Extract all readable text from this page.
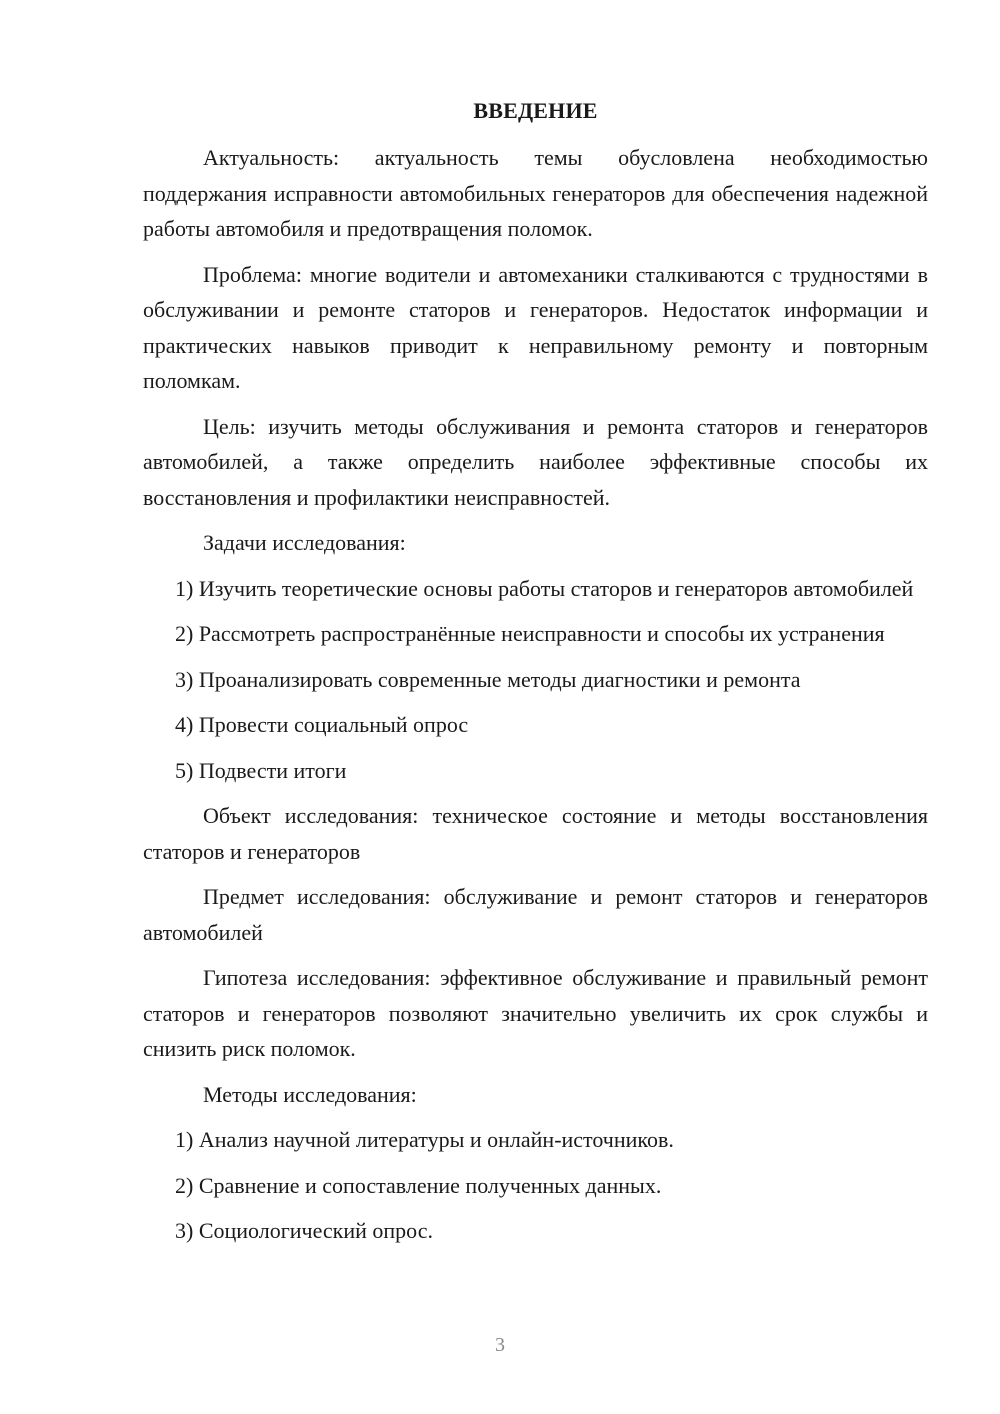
ВВЕДЕНИЕ

Актуальность: актуальность темы обусловлена необходимостью поддержания исправности автомобильных генераторов для обеспечения надежной работы автомобиля и предотвращения поломок.

Проблема: многие водители и автомеханики сталкиваются с трудностями в обслуживании и ремонте статоров и генераторов. Недостаток информации и практических навыков приводит к неправильному ремонту и повторным поломкам.

Цель: изучить методы обслуживания и ремонта статоров и генераторов автомобилей, а также определить наиболее эффективные способы их восстановления и профилактики неисправностей.

Задачи исследования:

1) Изучить теоретические основы работы статоров и генераторов автомобилей

2) Рассмотреть распространённые неисправности и способы их устранения

3) Проанализировать современные методы диагностики и ремонта

4) Провести социальный опрос

5) Подвести итоги

Объект исследования: техническое состояние и методы восстановления статоров и генераторов

Предмет исследования: обслуживание и ремонт статоров и генераторов автомобилей

Гипотеза исследования: эффективное обслуживание и правильный ремонт статоров и генераторов позволяют значительно увеличить их срок службы и снизить риск поломок.

Методы исследования:

1) Анализ научной литературы и онлайн-источников.

2) Сравнение и сопоставление полученных данных.

3) Социологический опрос.

3
